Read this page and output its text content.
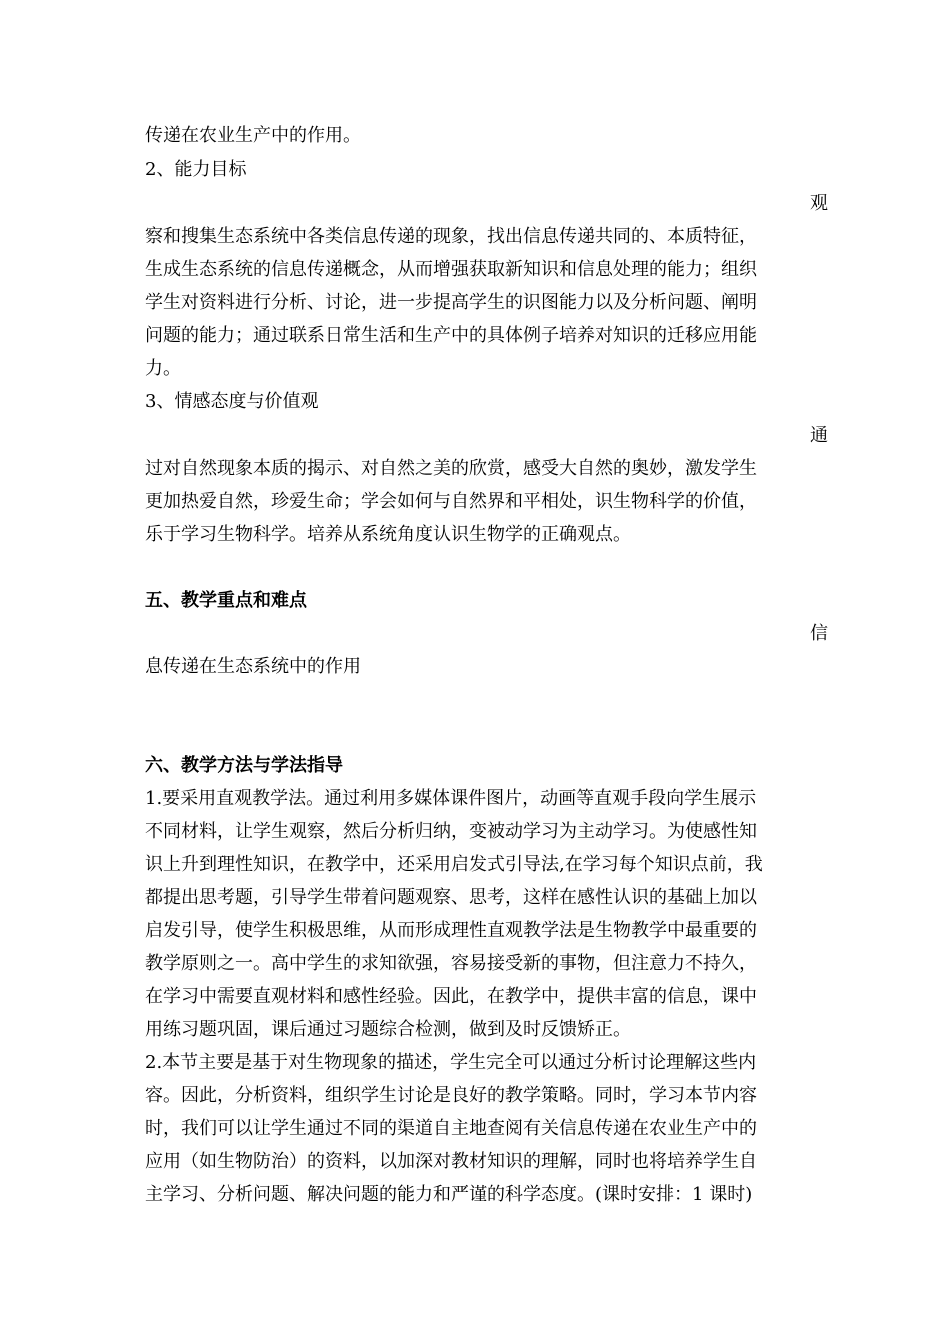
传递在农业生产中的作用。
2、能力目标
观
察和搜集生态系统中各类信息传递的现象，找出信息传递共同的、本质特征，
生成生态系统的信息传递概念，从而增强获取新知识和信息处理的能力；组织
学生对资料进行分析、讨论，进一步提高学生的识图能力以及分析问题、阐明
问题的能力；通过联系日常生活和生产中的具体例子培养对知识的迁移应用能
力。
3、情感态度与价值观
通
过对自然现象本质的揭示、对自然之美的欣赏，感受大自然的奥妙，激发学生
更加热爱自然，珍爱生命；学会如何与自然界和平相处，识生物科学的价值，
乐于学习生物科学。培养从系统角度认识生物学的正确观点。
五、教学重点和难点
信
息传递在生态系统中的作用
六、教学方法与学法指导
1.要采用直观教学法。通过利用多媒体课件图片，动画等直观手段向学生展示
不同材料，让学生观察，然后分析归纳，变被动学习为主动学习。为使感性知
识上升到理性知识，在教学中，还采用启发式引导法,在学习每个知识点前，我
都提出思考题，引导学生带着问题观察、思考，这样在感性认识的基础上加以
启发引导，使学生积极思维，从而形成理性直观教学法是生物教学中最重要的
教学原则之一。高中学生的求知欲强，容易接受新的事物，但注意力不持久，
在学习中需要直观材料和感性经验。因此，在教学中，提供丰富的信息，课中
用练习题巩固，课后通过习题综合检测，做到及时反馈矫正。
2.本节主要是基于对生物现象的描述，学生完全可以通过分析讨论理解这些内
容。因此，分析资料，组织学生讨论是良好的教学策略。同时，学习本节内容
时，我们可以让学生通过不同的渠道自主地查阅有关信息传递在农业生产中的
应用（如生物防治）的资料，以加深对教材知识的理解，同时也将培养学生自
主学习、分析问题、解决问题的能力和严谨的科学态度。(课时安排：1 课时)
